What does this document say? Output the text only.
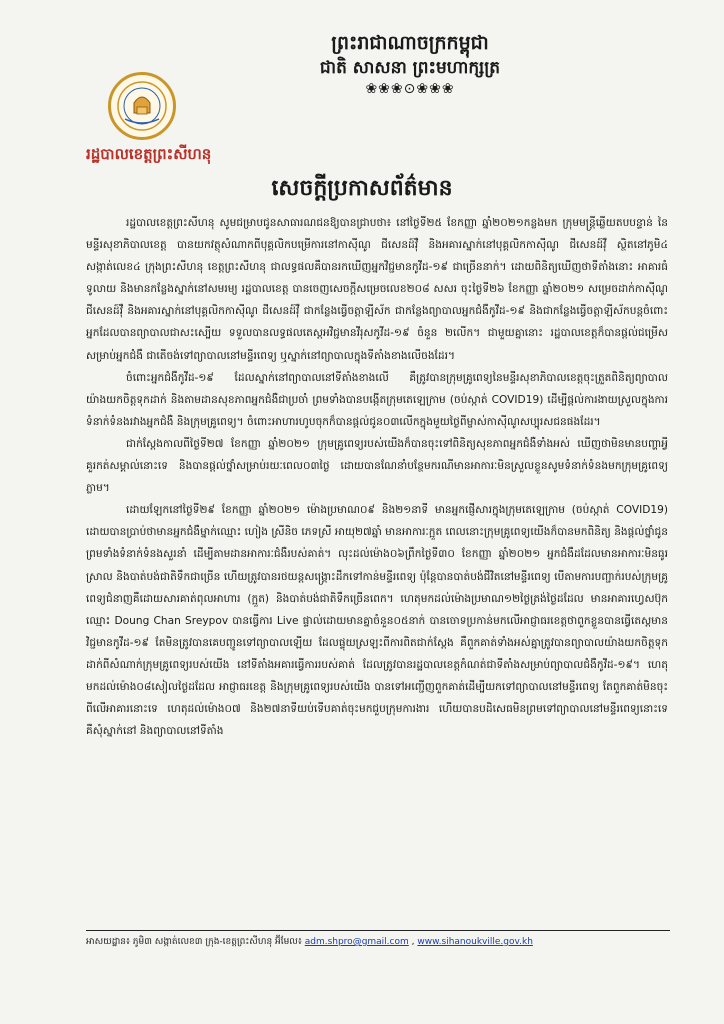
ព្រះរាជាណាចក្រកម្ពុជា
ជាតិ សាសនា ព្រះមហាក្សត្រ
❀❀❀⊙❀❀❀
រដ្ឋបាលខេត្តព្រះសីហនុ
សេចក្តីប្រកាសព័ត៌មាន

រដ្ឋបាលខេត្តព្រះសីហនុ សូមជម្រាបជូនសាធារណជនឱ្យបានជ្រាបថា៖ នៅថ្ងៃទី២៥ ខែកញ្ញា ឆ្នាំ២០២១កន្លងមក ក្រុមមន្ត្រីឆ្លើយតបបន្ទាន់ នៃមន្ទីរសុខាភិបាលខេត្ត បានយកវត្ថុសំណាកពីបុគ្គលិកបម្រើការនៅកាស៊ីណូ ជីសេនដ៍វ៉ឺ និងអគារស្នាក់នៅបុគ្គលិកកាស៊ីណូ ជីសេនដ៍វ៉ឺ ស្ថិតនៅភូមិ៤ សង្កាត់លេខ៤ ក្រុងព្រះសីហនុ ខេត្តព្រះសីហនុ ជាលទ្ធផលគឺបានរកឃើញអ្នកវិជ្ជមានកូវីដ-១៩ ជាច្រើននាក់។ ដោយពិនិត្យឃើញថាទីតាំងនោះ អាគារធំទូលាយ និងមានកន្លែងស្នាក់នៅសមរម្យ រដ្ឋបាលខេត្ត បានចេញសេចក្តីសម្រេចលេខ២០៨ សសរ ចុះថ្ងៃទី២៦ ខែកញ្ញា ឆ្នាំ២០២១ សម្រេចដាក់កាស៊ីណូ ជីសេនដ៍វ៉ឺ និងអគារស្នាក់នៅបុគ្គលិកកាស៊ីណូ ជីសេនដ៍វ៉ឺ ជាកន្លែងធ្វើចត្តាឡីស័ក ជាកន្លែងព្យាបាលអ្នកជំងឺកូវីដ-១៩ និងជាកន្លែងធ្វើចត្តាឡីស័កបន្តចំពោះអ្នកដែលបានព្យាបាលជាសះស្បើយ ទទួលបានលទ្ធផលតេស្តអវិជ្ជមានវីរុសកូវីដ-១៩ ចំនួន ២លើក។ ជាមួយគ្នានោះ រដ្ឋបាលខេត្តក៏បានផ្តល់ជម្រើសសម្រាប់អ្នកជំងឺ ជាតើចង់ទៅព្យាបាលនៅមន្ទីរពេទ្យ ឬស្នាក់នៅព្យាបាលក្នុងទីតាំងខាងលើចងដែរ។

ចំពោះអ្នកជំងឺកូវីដ-១៩ ដែលស្នាក់នៅព្យាបាលនៅទីតាំងខាងលើ គឺត្រូវបានក្រុមគ្រូពេទ្យនៃមន្ទីរសុខាភិបាលខេត្តចុះត្រួតពិនិត្យព្យាបាលយ៉ាងយកចិត្តទុកដាក់ និងតាមដានសុខភាពអ្នកជំងឺជាប្រចាំ ព្រមទាំងបានបង្កើតក្រុមតេឡេក្រាម (ចប់ស្កាត់ COVID19) ដើម្បីផ្តល់ការងាយស្រួលក្នុងការទំនាក់ទំនងរវាងអ្នកជំងឺ និងក្រុមគ្រូពេទ្យ។ ចំពោះអាហារហូបចុកក៏បានផ្តល់ជូន០៣លើកក្នុងមួយថ្ងៃពីម្ចាស់កាស៊ីណូសប្បុរសជនផងដែរ។

ជាក់ស្តែងកាលពីថ្ងៃទី២៧ ខែកញ្ញា ឆ្នាំ២០២១ ក្រុមគ្រូពេទ្យរបស់យើងក៏បានចុះទៅពិនិត្យសុខភាពអ្នកជំងឺទាំងអស់ ឃើញថាមិនមានបញ្ហាអ្វីគួរកត់សម្គាល់នោះទេ និងបានផ្តល់ថ្នាំសម្រាប់រយៈពេល០៣ថ្ងៃ ដោយបានណែនាំបន្ថែមករណីមានអាការៈមិនស្រួលខ្លួនសូមទំនាក់ទំនងមកក្រុមគ្រូពេទ្យភ្លាម។

ដោយឡែកនៅថ្ងៃទី២៩ ខែកញ្ញា ឆ្នាំ២០២១ ម៉ោងប្រមាណ០៩ និង២១នាទី មានអ្នកផ្ញើសារក្នុងក្រុមតេឡេក្រាម (ចប់ស្កាត់ COVID19) ដោយបានប្រាប់ថាមានអ្នកជំងឺម្នាក់ឈ្មោះ ហៀង ស្រីនិច ភេទស្រី អាយុ២៧ឆ្នាំ មានអាការៈក្អួត ពេលនោះក្រុមគ្រូពេទ្យយើងក៏បានមកពិនិត្យ និងផ្តល់ថ្នាំជូន ព្រមទាំងទំនាក់ទំនងសួរនាំ ដើម្បីតាមដានអាការៈជំងឺរបស់គាត់។ លុះដល់ម៉ោង០៦ព្រឹកថ្ងៃទី៣០ ខែកញ្ញា ឆ្នាំ២០២១ អ្នកជំងឺដដែលមានអាការៈមិនធូរស្រាល និងបាត់បង់ជាតិទឹកជាច្រើន ហើយត្រូវបានរថយន្តសង្គ្រោះដឹកទៅកាន់មន្ទីរពេទ្យ ប៉ុន្តែបានបាត់បង់ជីវិតនៅមន្ទីរពេទ្យ បើតាមការបញ្ជាក់របស់ក្រុមគ្រូពេទ្យជំនាញគឺដោយសារគាត់ពុលអាហារ (ក្អួត) និងបាត់បង់ជាតិទឹកច្រើនពេក។ ហេតុមកដល់ម៉ោងប្រមាណ១២ថ្ងៃត្រង់ថ្ងៃដដែល មានអាគារហ្វេសប៊ុកឈ្មោះ Doung Chan Sreypov បានធ្វើការ Live ផ្ទាល់ដោយមានគ្នាចំនួន០៥នាក់ បានចោទប្រកាន់មកលើអាជ្ញាធរខេត្តថាពួកខ្លួនបានធ្វើតេស្តមានវិជ្ជមានកូវីដ-១៩ តែមិនត្រូវបានគេបញ្ជូនទៅព្យាបាលឡើយ ដែលផ្ទុយស្រឡះពីការពិតជាក់ស្តែង គឺពួកគាត់ទាំងអស់គ្នាត្រូវបានព្យាបាលយ៉ាងយកចិត្តទុកដាក់ពីសំណាក់ក្រុមគ្រូពេទ្យរបស់យើង នៅទីតាំងអគារធ្វើការរបស់គាត់ ដែលត្រូវបានរដ្ឋបាលខេត្តកំណត់ជាទីតាំងសម្រាប់ព្យាបាលជំងឺកូវីដ-១៩។ ហេតុមកដល់ម៉ោង០៨សៀលថ្ងៃដដែល អាជ្ញាធរខេត្ត និងក្រុមគ្រូពេទ្យរបស់យើង បានទៅអញ្ជើញពួកគាត់ដើម្បីយកទៅព្យាបាលនៅមន្ទីរពេទ្យ តែពួកគាត់មិនចុះពីលើអាគារនោះទេ ហេតុដល់ម៉ោង០៧ និង២៧នាទីយប់ទើបគាត់ចុះមកជួបក្រុមការងារ ហើយបានបដិសេធមិនព្រមទៅព្យាបាលនៅមន្ទីរពេទ្យនោះទេ គឺសុំស្នាក់នៅ និងព្យាបាលនៅទីតាំង

អាសយដ្ឋាន៖ ភូមិ៣ សង្កាត់លេខ៣ ក្រុង-ខេត្តព្រះសីហនុ អ៊ីមែល៖ adm.shpro@gmail.com , www.sihanoukville.gov.kh
